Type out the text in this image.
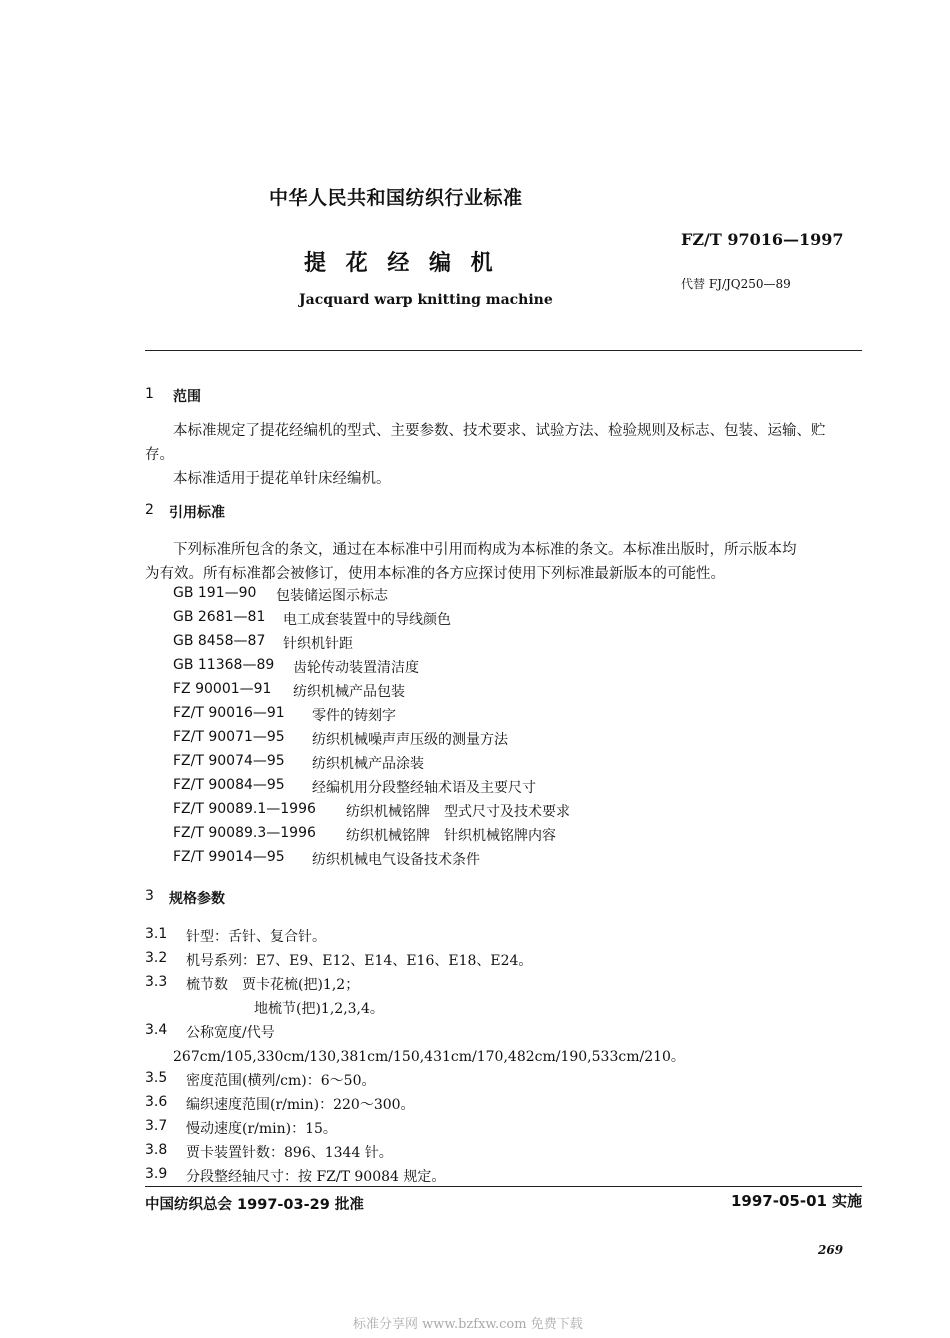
中华人民共和国纺织行业标准
FZ/T 97016—1997
提 花 经 编 机
代替 FJ/JQ250—89
Jacquard warp knitting machine
1 范围
本标准规定了提花经编机的型式、主要参数、技术要求、试验方法、检验规则及标志、包装、运输、贮
存。
本标准适用于提花单针床经编机。
2 引用标准
下列标准所包含的条文，通过在本标准中引用而构成为本标准的条文。本标准出版时，所示版本均
为有效。所有标准都会被修订，使用本标准的各方应探讨使用下列标准最新版本的可能性。
GB 191—90 包装储运图示标志
GB 2681—81 电工成套装置中的导线颜色
GB 8458—87 针织机针距
GB 11368—89 齿轮传动装置清洁度
FZ 90001—91 纺织机械产品包装
FZ/T 90016—91 零件的铸刻字
FZ/T 90071—95 纺织机械噪声声压级的测量方法
FZ/T 90074—95 纺织机械产品涂装
FZ/T 90084—95 经编机用分段整经轴术语及主要尺寸
FZ/T 90089.1—1996 纺织机械铭牌　型式尺寸及技术要求
FZ/T 90089.3—1996 纺织机械铭牌　针织机械铭牌内容
FZ/T 99014—95 纺织机械电气设备技术条件
3 规格参数
3.1 针型：舌针、复合针。
3.2 机号系列：E7、E9、E12、E14、E16、E18、E24。
3.3 梳节数　贾卡花梳(把)1,2；
地梳节(把)1,2,3,4。
3.4 公称宽度/代号
267cm/105,330cm/130,381cm/150,431cm/170,482cm/190,533cm/210。
3.5 密度范围(横列/cm)：6～50。
3.6 编织速度范围(r/min)：220～300。
3.7 慢动速度(r/min)：15。
3.8 贾卡装置针数：896、1344 针。
3.9 分段整经轴尺寸：按 FZ/T 90084 规定。
中国纺织总会 1997-03-29 批准	1997-05-01 实施
269
标准分享网 www.bzfxw.com 免费下载
